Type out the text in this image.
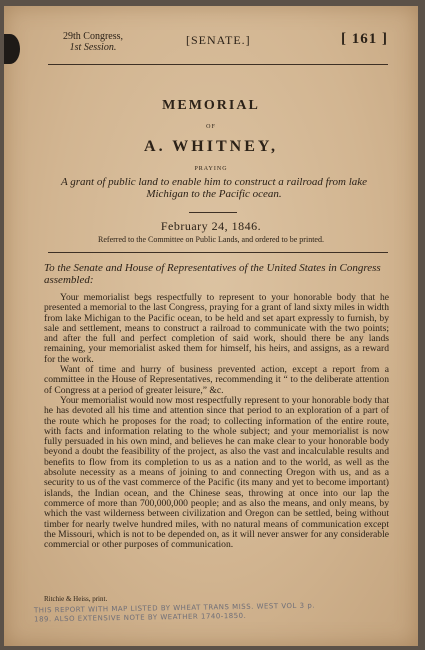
29th Congress,
1st Session.
[SENATE.]	[ 161 ]
MEMORIAL
OF
A. WHITNEY,
PRAYING
A grant of public land to enable him to construct a railroad from lake Michigan to the Pacific ocean.
February 24, 1846.
Referred to the Committee on Public Lands, and ordered to be printed.
To the Senate and House of Representatives of the United States in Congress assembled:

Your memorialist begs respectfully to represent to your honorable body that he presented a memorial to the last Congress, praying for a grant of land sixty miles in width from lake Michigan to the Pacific ocean, to be held and set apart expressly to furnish, by sale and settlement, means to construct a railroad to communicate with the two points; and after the full and perfect completion of said work, should there be any lands remaining, your memorialist asked them for himself, his heirs, and assigns, as a reward for the work.

Want of time and hurry of business prevented action, except a report from a committee in the House of Representatives, recommending it “ to the deliberate attention of Congress at a period of greater leisure,” &c.

Your memorialist would now most respectfully represent to your honorable body that he has devoted all his time and attention since that period to an exploration of a part of the route which he proposes for the road; to collecting information of the entire route, with facts and information relating to the whole subject; and your memorialist is now fully persuaded in his own mind, and believes he can make clear to your honorable body beyond a doubt the feasibility of the project, as also the vast and incalculable results and benefits to flow from its completion to us as a nation and to the world, as well as the absolute necessity as a means of joining to and connecting Oregon with us, and as a security to us of the vast commerce of the Pacific (its many and yet to become important) islands, the Indian ocean, and the Chinese seas, throwing at once into our lap the commerce of more than 700,000,000 people; and as also the means, and only means, by which the vast wilderness between civilization and Oregon can be settled, being without timber for nearly twelve hundred miles, with no natural means of communication except the Missouri, which is not to be depended on, as it will never answer for any considerable commercial or other purposes of communication.

Ritchie & Heiss, print.
THIS REPORT WITH MAP LISTED BY WHEAT TRANS MISS. WEST VOL 3 p. 189. ALSO EXTENSIVE NOTE BY WEATHER 1740-1850.
